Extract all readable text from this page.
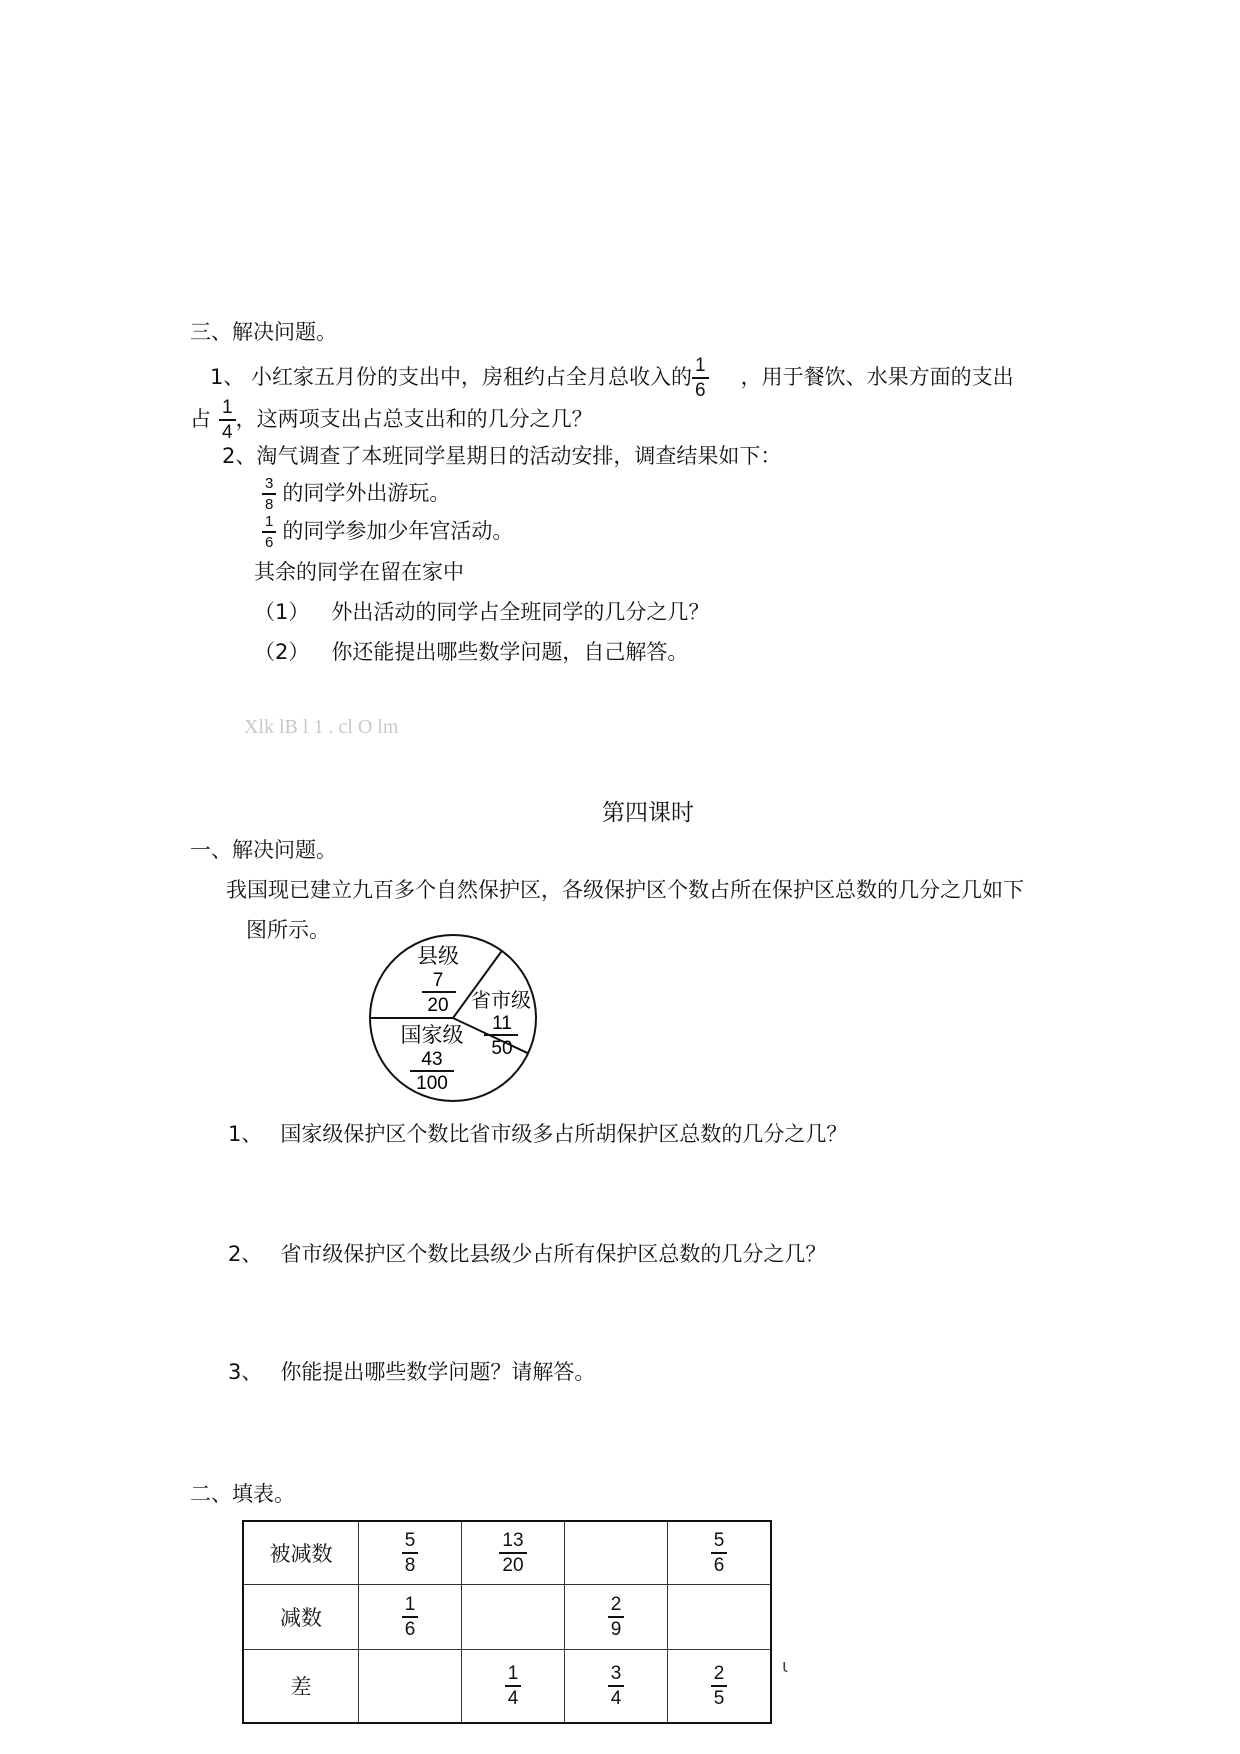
三、解决问题。
1、 小红家五月份的支出中，房租约占全月总收入的 $\frac{1}{6}$ ，用于餐饮、水果方面的支出
占 $\frac{1}{4}$ ，这两项支出占总支出和的几分之几？
2、淘气调查了本班同学星期日的活动安排，调查结果如下：
$\frac{3}{8}$ 的同学外出游玩。
$\frac{1}{6}$ 的同学参加少年宫活动。
其余的同学在留在家中
（1） 外出活动的同学占全班同学的几分之几？
（2） 你还能提出哪些数学问题，自己解答。
Xlk lB l 1 . cl O lm
第四课时
一、解决问题。
我国现已建立九百多个自然保护区，各级保护区个数占所在保护区总数的几分之几如下
图所示。
县级
7
20 省市级
11
50
国家级
43
100
1、 国家级保护区个数比省市级多占所胡保护区总数的几分之几？
2、 省市级保护区个数比县级少占所有保护区总数的几分之几？
3、 你能提出哪些数学问题？请解答。
二、填表。
被减数	$\frac{5}{8}$	$\frac{13}{20}$		$\frac{5}{6}$

减数	$\frac{1}{6}$		$\frac{2}{9}$

差		$\frac{1}{4}$	$\frac{3}{4}$	$\frac{2}{5}$	ι
